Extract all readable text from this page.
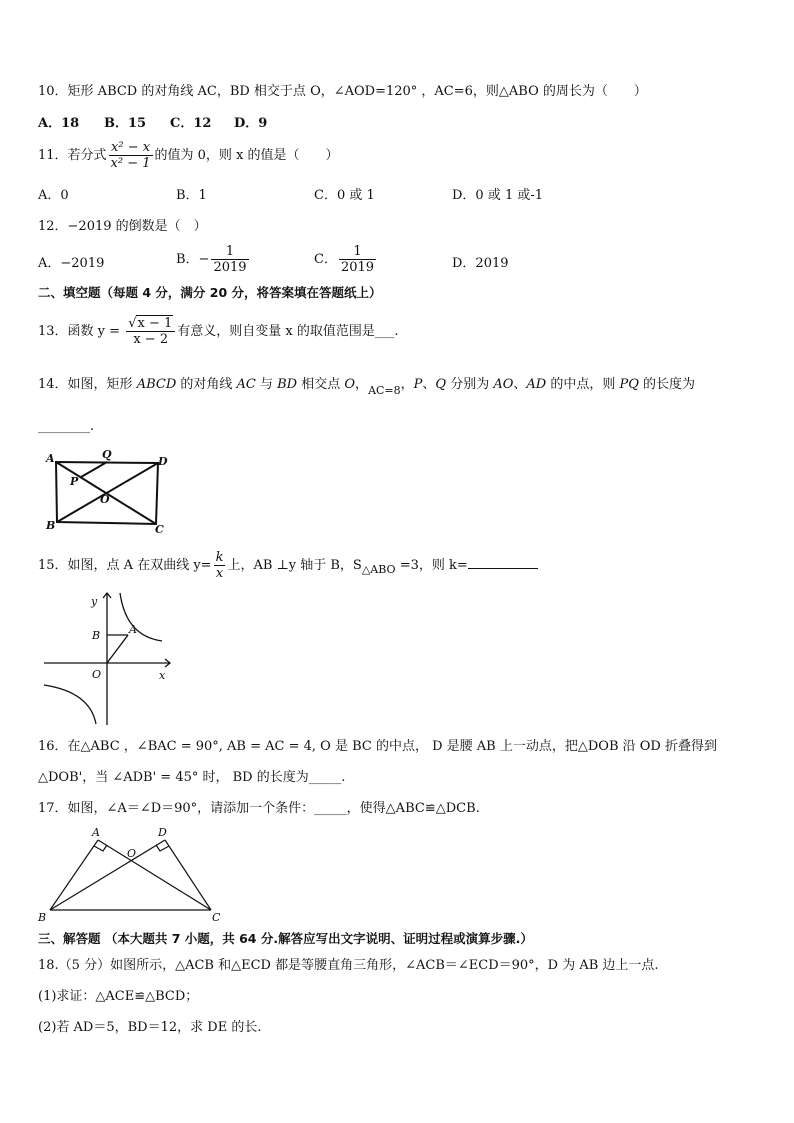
10．矩形 ABCD 的对角线 AC，BD 相交于点 O，∠AOD=120° ，AC=6，则△ABO 的周长为（　　）
A．18 B．15 C．12 D．9
11．若分式 $\frac{\text{x² − x}}{\text{x² − 1}}$ 的值为 0，则 x 的值是（　　）
A．0	B．1	C．0 或 1	D．0 或 1 或-1
12．−2019 的倒数是（　）
A．−2019	B．− $\frac{1}{2019}$	C． $\frac{1}{2019}$	D．2019
二、填空题（每题 4 分，满分 20 分，将答案填在答题纸上）
13．函数 $y = \frac{√x - 1}{x - 2}$ 有意义，则自变量 x 的取值范围是___.
14．如图，矩形 ABCD 的对角线 AC 与 BD 相交点 O，$_{AC=8}$，P、Q 分别为 AO、AD 的中点，则 PQ 的长度为
________.
A	Q
D
P
O
B	C
15．如图，点 A 在双曲线 $y= \frac{k}{x}$ 上，AB ⊥y 轴于 B，$S_{\triangle ABO} =3$，则 k=
y
B	A
O	x
16．在△ABC ，∠BAC = 90°, AB = AC = 4, O 是 BC 的中点， D 是腰 AB 上一动点，把△DOB 沿 OD 折叠得到
△DOB'，当 ∠ADB' = 45° 时， BD 的长度为_____.
17．如图，∠A＝∠D＝90°，请添加一个条件：_____，使得△ABC≌△DCB.
A	D
O
B	C
三、解答题 （本大题共 7 小题，共 64 分.解答应写出文字说明、证明过程或演算步骤.）
18.（5 分）如图所示，△ACB 和△ECD 都是等腰直角三角形，∠ACB＝∠ECD＝90°，D 为 AB 边上一点.
(1)求证：△ACE≌△BCD；
(2)若 AD＝5，BD＝12，求 DE 的长.
